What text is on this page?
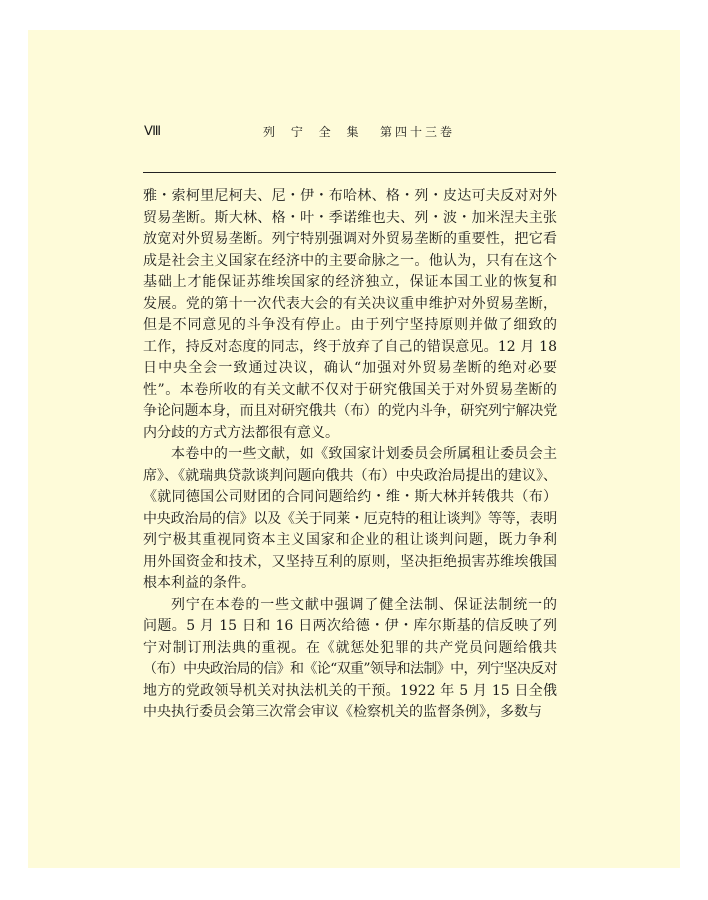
Ⅷ	列 宁 全 集 第四十三卷
雅・索柯里尼柯夫、尼・伊・布哈林、格・列・皮达可夫反对对外
贸易垄断。斯大林、格・叶・季诺维也夫、列・波・加米涅夫主张
放宽对外贸易垄断。列宁特别强调对外贸易垄断的重要性，把它看
成是社会主义国家在经济中的主要命脉之一。他认为，只有在这个
基础上才能保证苏维埃国家的经济独立，保证本国工业的恢复和
发展。党的第十一次代表大会的有关决议重申维护对外贸易垄断，
但是不同意见的斗争没有停止。由于列宁坚持原则并做了细致的
工作，持反对态度的同志，终于放弃了自己的错误意见。12 月 18
日中央全会一致通过决议，确认“加强对外贸易垄断的绝对必要
性”。本卷所收的有关文献不仅对于研究俄国关于对外贸易垄断的
争论问题本身，而且对研究俄共（布）的党内斗争，研究列宁解决党
内分歧的方式方法都很有意义。
本卷中的一些文献，如《致国家计划委员会所属租让委员会主
席》、《就瑞典贷款谈判问题向俄共（布）中央政治局提出的建议》、
《就同德国公司财团的合同问题给约・维・斯大林并转俄共（布）
中央政治局的信》以及《关于同莱・厄克特的租让谈判》等等，表明
列宁极其重视同资本主义国家和企业的租让谈判问题，既力争利
用外国资金和技术，又坚持互利的原则，坚决拒绝损害苏维埃俄国
根本利益的条件。
列宁在本卷的一些文献中强调了健全法制、保证法制统一的
问题。5 月 15 日和 16 日两次给德・伊・库尔斯基的信反映了列
宁对制订刑法典的重视。在《就惩处犯罪的共产党员问题给俄共
（布）中央政治局的信》和《论“双重”领导和法制》中，列宁坚决反对
地方的党政领导机关对执法机关的干预。1922 年 5 月 15 日全俄
中央执行委员会第三次常会审议《检察机关的监督条例》，多数与
